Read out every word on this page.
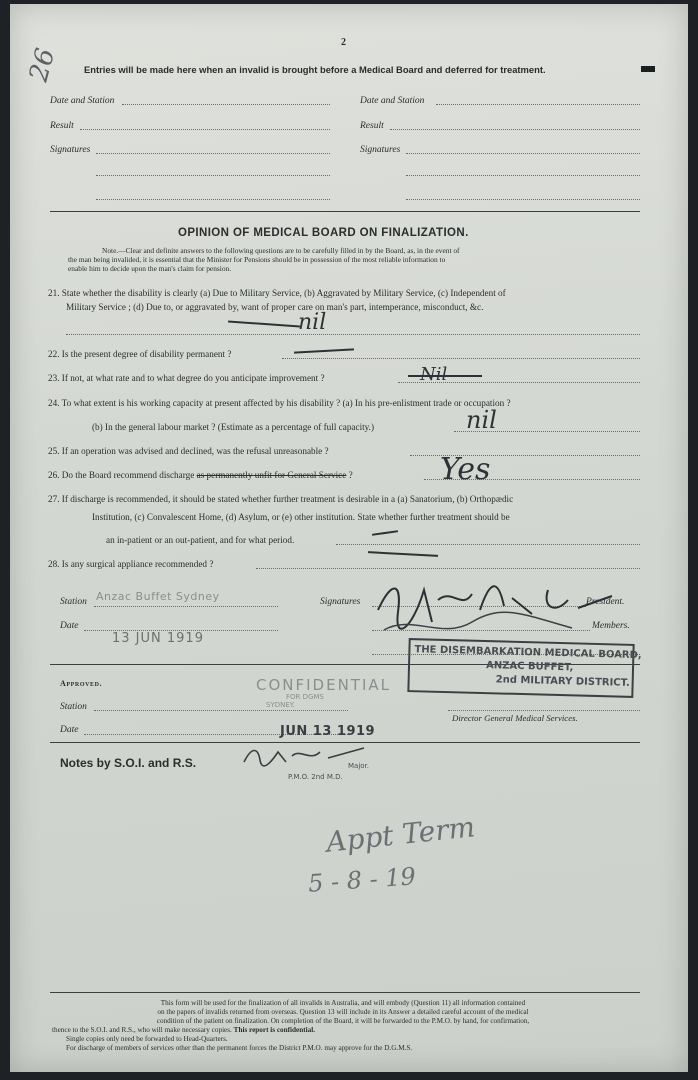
2
Entries will be made here when an invalid is brought before a Medical Board and deferred for treatment.
26
Date and Station
Result
Signatures
Date and Station
Result
Signatures
OPINION OF MEDICAL BOARD ON FINALIZATION.
Note.—Clear and definite answers to the following questions are to be carefully filled in by the Board, as, in the event of
the man being invalided, it is essential that the Minister for Pensions should be in possession of the most reliable information to
enable him to decide upon the man's claim for pension.
21. State whether the disability is clearly (a) Due to Military Service, (b) Aggravated by Military Service, (c) Independent of
Military Service ; (d) Due to, or aggravated by, want of proper care on man's part, intemperance, misconduct, &c.
nil
22. Is the present degree of disability permanent ?
23. If not, at what rate and to what degree do you anticipate improvement ?	Nil
24. To what extent is his working capacity at present affected by his disability ? (a) In his pre-enlistment trade or occupation ?
(b) In the general labour market ? (Estimate as a percentage of full capacity.)	nil
25. If an operation was advised and declined, was the refusal unreasonable ?
26. Do the Board recommend discharge as permanently unfit for General Service ?	Yes
27. If discharge is recommended, it should be stated whether further treatment is desirable in a (a) Sanatorium, (b) Orthopædic
Institution, (c) Convalescent Home, (d) Asylum, or (e) other institution. State whether further treatment should be
an in-patient or an out-patient, and for what period.
28. Is any surgical appliance recommended ?
Station Anzac Buffet Sydney
Date
13 JUN 1919
Signatures	President.
Members.
THE DISEMBARKATION MEDICAL BOARD,
ANZAC BUFFET,
2nd MILITARY DISTRICT.
Approved.	CONFIDENTIAL
FOR DGMS
SYDNEY.
Station
Date	JUN 13 1919
Director General Medical Services.
Notes by S.O.I. and R.S.	Major.
P.M.O. 2nd M.D.
Appt Term
5 - 8 - 19
This form will be used for the finalization of all invalids in Australia, and will embody (Question 11) all information contained
on the papers of invalids returned from overseas. Question 13 will include in its Answer a detailed careful account of the medical
condition of the patient on finalization. On completion of the Board, it will be forwarded to the P.M.O. by hand, for confirmation,
thence to the S.O.I. and R.S., who will make necessary copies. This report is confidential.
Single copies only need be forwarded to Head-Quarters.
For discharge of members of services other than the permanent forces the District P.M.O. may approve for the D.G.M.S.
